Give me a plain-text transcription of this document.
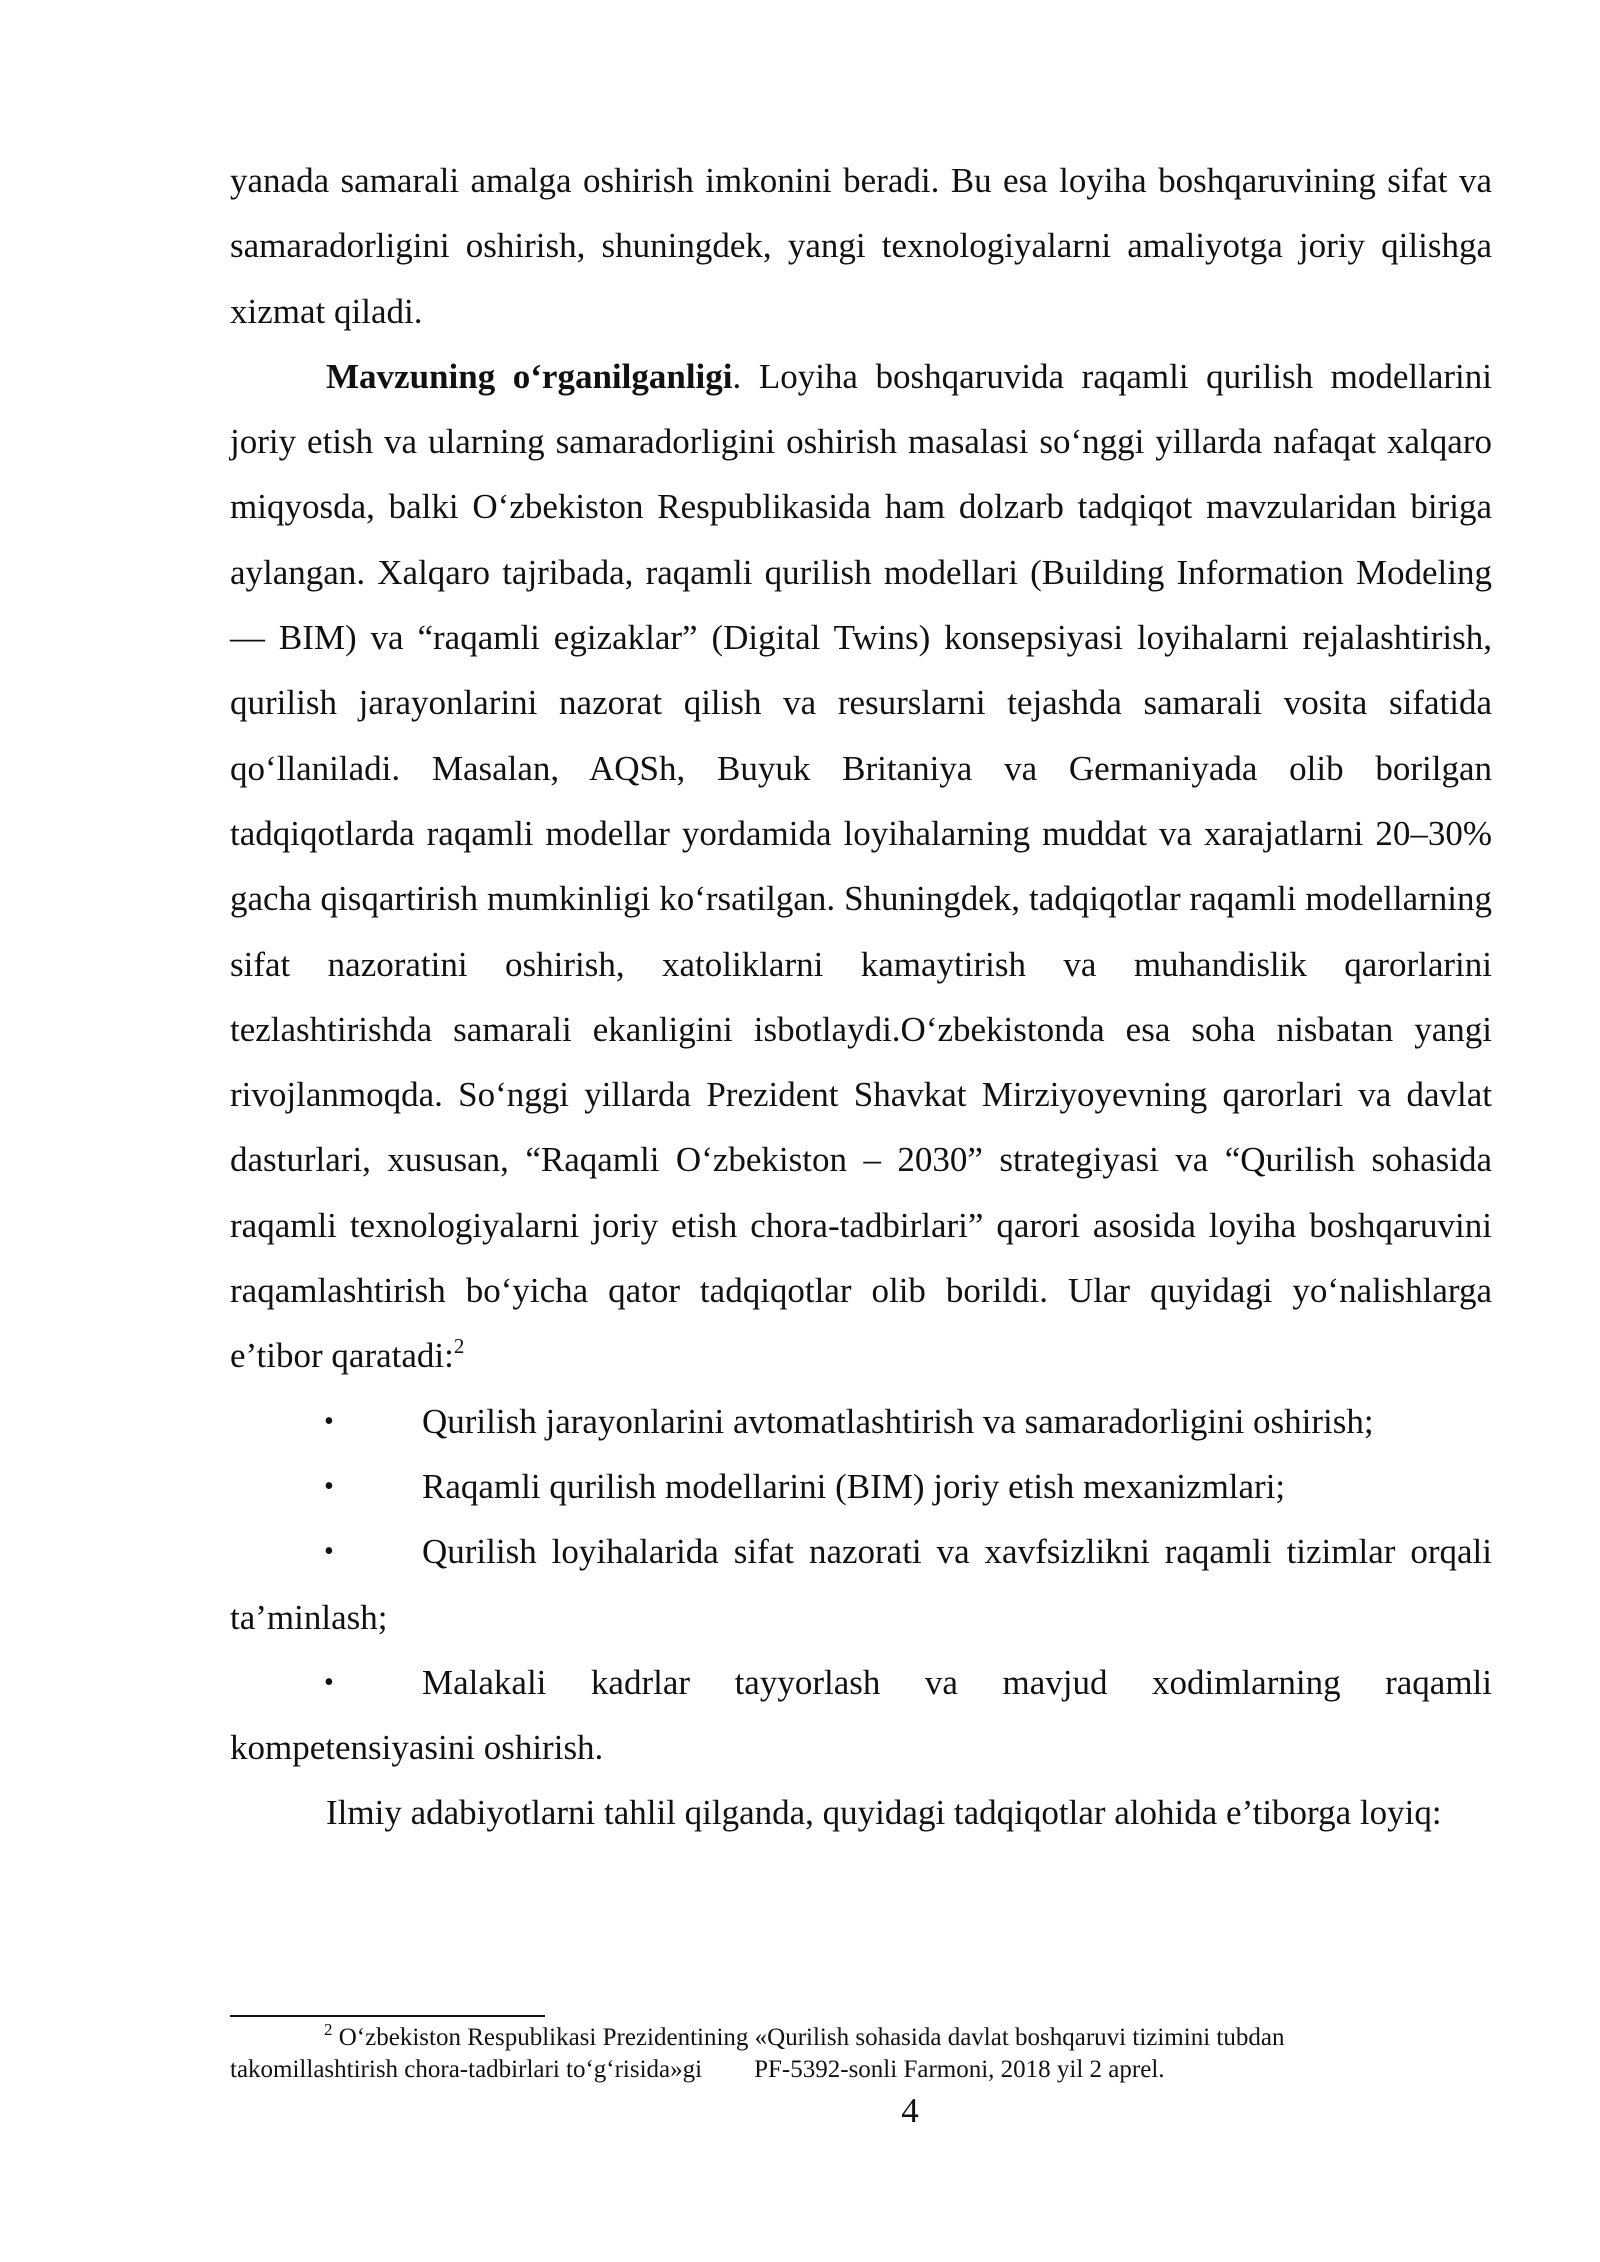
yanada samarali amalga oshirish imkonini beradi. Bu esa loyiha boshqaruvining sifat va samaradorligini oshirish, shuningdek, yangi texnologiyalarni amaliyotga joriy qilishga xizmat qiladi.

Mavzuning o‘rganilganligi. Loyiha boshqaruvida raqamli qurilish modellarini joriy etish va ularning samaradorligini oshirish masalasi so‘nggi yillarda nafaqat xalqaro miqyosda, balki O‘zbekiston Respublikasida ham dolzarb tadqiqot mavzularidan biriga aylangan. Xalqaro tajribada, raqamli qurilish modellari (Building Information Modeling — BIM) va “raqamli egizaklar” (Digital Twins) konsepsiyasi loyihalarni rejalashtirish, qurilish jarayonlarini nazorat qilish va resurslarni tejashda samarali vosita sifatida qo‘llaniladi. Masalan, AQSh, Buyuk Britaniya va Germaniyada olib borilgan tadqiqotlarda raqamli modellar yordamida loyihalarning muddat va xarajatlarni 20–30% gacha qisqartirish mumkinligi ko‘rsatilgan. Shuningdek, tadqiqotlar raqamli modellarning sifat nazoratini oshirish, xatoliklarni kamaytirish va muhandislik qarorlarini tezlashtirishda samarali ekanligini isbotlaydi.O‘zbekistonda esa soha nisbatan yangi rivojlanmoqda. So‘nggi yillarda Prezident Shavkat Mirziyoyevning qarorlari va davlat dasturlari, xususan, “Raqamli O‘zbekiston – 2030” strategiyasi va “Qurilish sohasida raqamli texnologiyalarni joriy etish chora-tadbirlari” qarori asosida loyiha boshqaruvini raqamlashtirish bo‘yicha qator tadqiqotlar olib borildi. Ular quyidagi yo‘nalishlarga e’tibor qaratadi:$^2$

•	Qurilish jarayonlarini avtomatlashtirish va samaradorligini oshirish;

•	Raqamli qurilish modellarini (BIM) joriy etish mexanizmlari;

•	Qurilish loyihalarida sifat nazorati va xavfsizlikni raqamli tizimlar orqali ta’minlash;

•	Malakali kadrlar tayyorlash va mavjud xodimlarning raqamli kompetensiyasini oshirish.

Ilmiy adabiyotlarni tahlil qilganda, quyidagi tadqiqotlar alohida e’tiborga loyiq:

$^2$ O‘zbekiston Respublikasi Prezidentining «Qurilish sohasida davlat boshqaruvi tizimini tubdan
takomillashtirish chora-tadbirlari to‘g‘risida»gi PF-5392-sonli Farmoni, 2018 yil 2 aprel.

4
